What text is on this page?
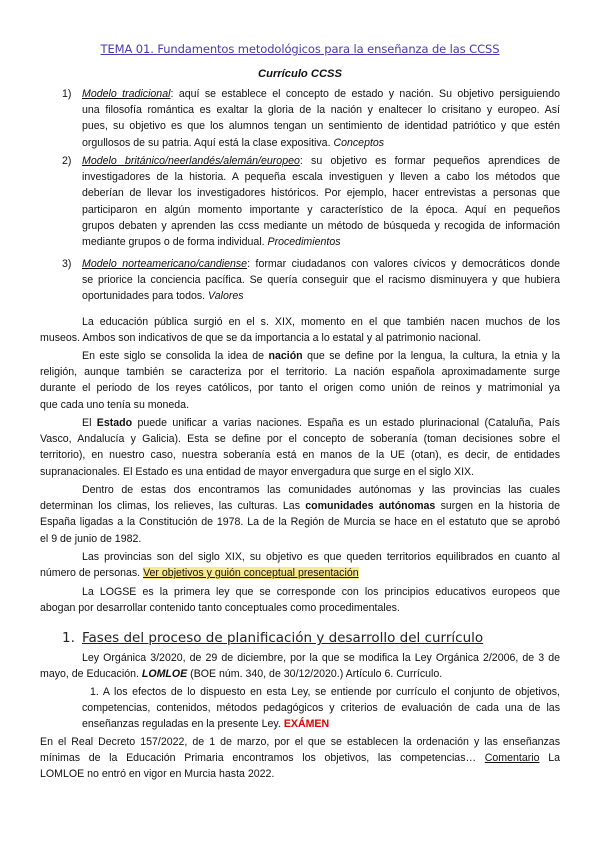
TEMA 01. Fundamentos metodológicos para la enseñanza de las CCSS
Currículo CCSS
1) Modelo tradicional: aquí se establece el concepto de estado y nación. Su objetivo persiguiendo
una filosofía romántica es exaltar la gloria de la nación y enaltecer lo crisitano y europeo. Así
pues, su objetivo es que los alumnos tengan un sentimiento de identidad patriótico y que estén
orgullosos de su patria. Aquí está la clase expositiva. Conceptos
2) Modelo británico/neerlandés/alemán/europeo: su objetivo es formar pequeños aprendices de
investigadores de la historia. A pequeña escala investiguen y lleven a cabo los métodos que
deberían de llevar los investigadores históricos. Por ejemplo, hacer entrevistas a personas que
participaron en algún momento importante y característico de la época. Aquí en pequeños
grupos debaten y aprenden las ccss mediante un método de búsqueda y recogida de información
mediante grupos o de forma individual. Procedimientos
3) Modelo norteamericano/candiense: formar ciudadanos con valores cívicos y democráticos donde
se priorice la conciencia pacífica. Se quería conseguir que el racismo disminuyera y que hubiera
oportunidades para todos. Valores
La educación pública surgió en el s. XIX, momento en el que también nacen muchos de los
museos. Ambos son indicativos de que se da importancia a lo estatal y al patrimonio nacional.
En este siglo se consolida la idea de nación que se define por la lengua, la cultura, la etnia y la
religión, aunque también se caracteriza por el territorio. La nación española aproximadamente surge
durante el periodo de los reyes católicos, por tanto el origen como unión de reinos y matrimonial ya
que cada uno tenía su moneda.
El Estado puede unificar a varias naciones. España es un estado plurinacional (Cataluña, País
Vasco, Andalucía y Galicia). Esta se define por el concepto de soberanía (toman decisiones sobre el
territorio), en nuestro caso, nuestra soberanía está en manos de la UE (otan), es decir, de entidades
supranacionales. El Estado es una entidad de mayor envergadura que surge en el siglo XIX.
Dentro de estas dos encontramos las comunidades autónomas y las provincias las cuales
determinan los climas, los relieves, las culturas. Las comunidades autónomas surgen en la historia de
España ligadas a la Constitución de 1978. La de la Región de Murcia se hace en el estatuto que se aprobó
el 9 de junio de 1982.
Las provincias son del siglo XIX, su objetivo es que queden territorios equilibrados en cuanto al
número de personas. Ver objetivos y guión conceptual presentación
La LOGSE es la primera ley que se corresponde con los principios educativos europeos que
abogan por desarrollar contenido tanto conceptuales como procedimentales.
1. Fases del proceso de planificación y desarrollo del currículo
Ley Orgánica 3/2020, de 29 de diciembre, por la que se modifica la Ley Orgánica 2/2006, de 3 de
mayo, de Educación. LOMLOE (BOE núm. 340, de 30/12/2020.) Artículo 6. Currículo.
1. A los efectos de lo dispuesto en esta Ley, se entiende por currículo el conjunto de objetivos,
competencias, contenidos, métodos pedagógicos y criterios de evaluación de cada una de las
enseñanzas reguladas en la presente Ley. EXÁMEN
En el Real Decreto 157/2022, de 1 de marzo, por el que se establecen la ordenación y las enseñanzas
mínimas de la Educación Primaria encontramos los objetivos, las competencias… Comentario La
LOMLOE no entró en vigor en Murcia hasta 2022.
